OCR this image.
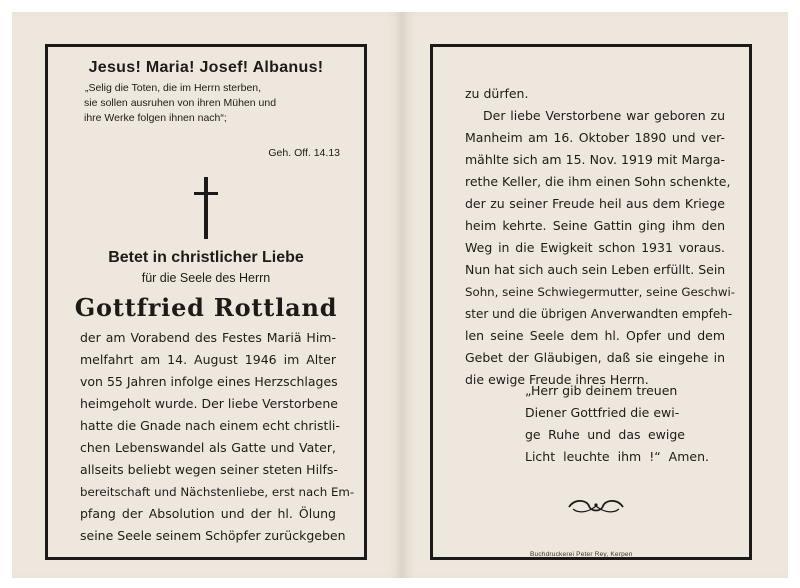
Jesus! Maria! Josef! Albanus!
„Selig die Toten, die im Herrn sterben,
sie sollen ausruhen von ihren Mühen und
ihre Werke folgen ihnen nach“;
Geh. Off. 14.13
Betet in christlicher Liebe
für die Seele des Herrn
Gottfried Rottland
der am Vorabend des Festes Mariä Him-
melfahrt am 14. August 1946 im Alter
von 55 Jahren infolge eines Herzschlages
heimgeholt wurde. Der liebe Verstorbene
hatte die Gnade nach einem echt christli-
chen Lebenswandel als Gatte und Vater,
allseits beliebt wegen seiner steten Hilfs-
bereitschaft und Nächstenliebe, erst nach Em-
pfang der Absolution und der hl. Ölung
seine Seele seinem Schöpfer zurückgeben
zu dürfen.
Der liebe Verstorbene war geboren zu
Manheim am 16. Oktober 1890 und ver-
mählte sich am 15. Nov. 1919 mit Marga-
rethe Keller, die ihm einen Sohn schenkte,
der zu seiner Freude heil aus dem Kriege
heim kehrte. Seine Gattin ging ihm den
Weg in die Ewigkeit schon 1931 voraus.
Nun hat sich auch sein Leben erfüllt. Sein
Sohn, seine Schwiegermutter, seine Geschwi-
ster und die übrigen Anverwandten empfeh-
len seine Seele dem hl. Opfer und dem
Gebet der Gläubigen, daß sie eingehe in
die ewige Freude ihres Herrn.
„Herr gib deinem treuen
Diener Gottfried die ewi-
ge Ruhe und das ewige
Licht leuchte ihm !“ Amen.
Buchdruckerei Peter Rey, Kerpen
